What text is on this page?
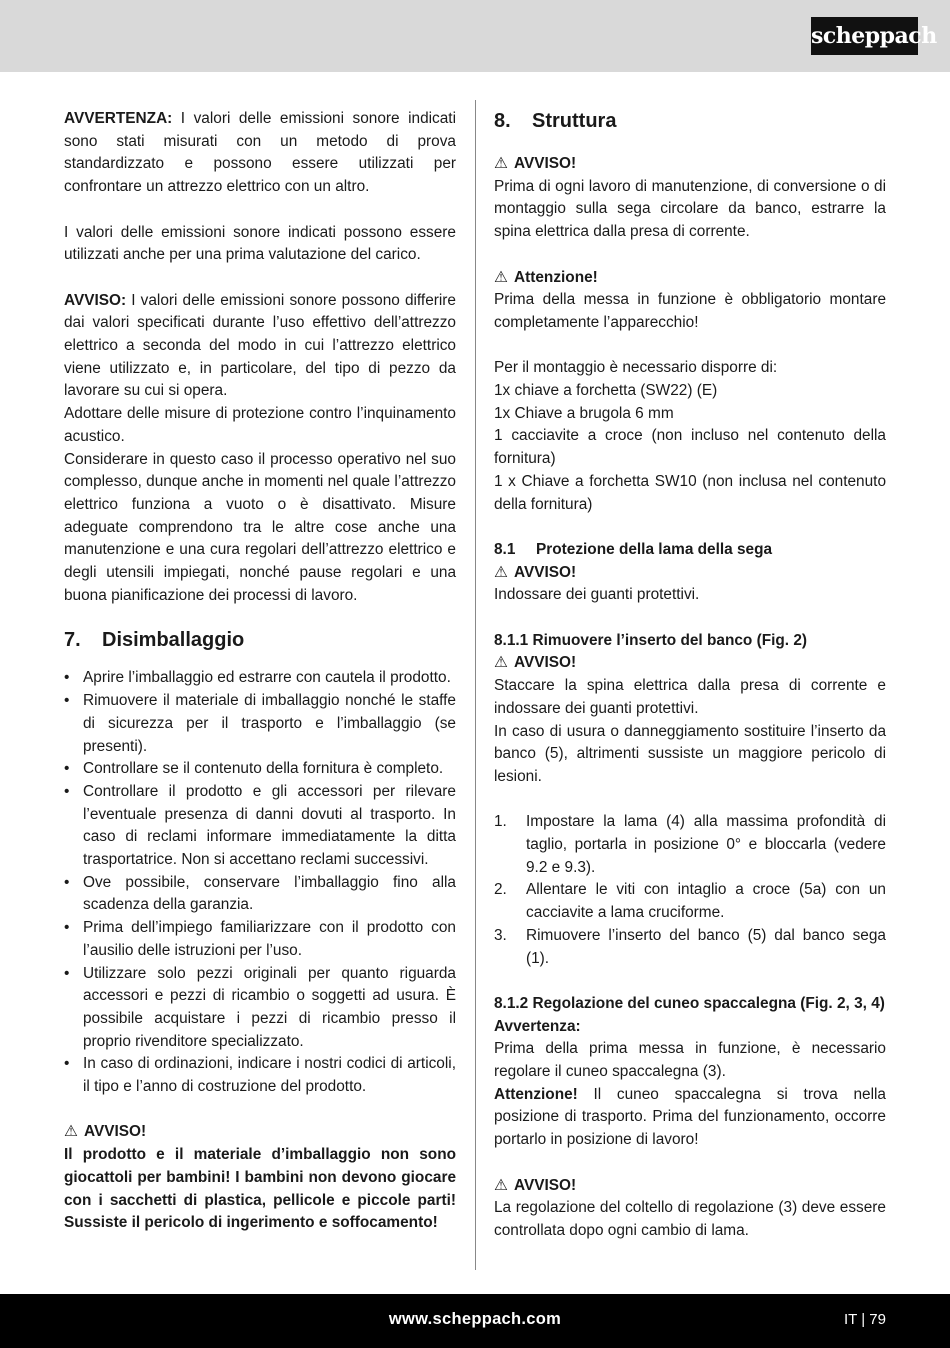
scheppach

AVVERTENZA: I valori delle emissioni sonore indicati sono stati misurati con un metodo di prova standardizzato e possono essere utilizzati per confrontare un attrezzo elettrico con un altro.

I valori delle emissioni sonore indicati possono essere utilizzati anche per una prima valutazione del carico.

AVVISO: I valori delle emissioni sonore possono differire dai valori specificati durante l’uso effettivo dell’attrezzo elettrico a seconda del modo in cui l’attrezzo elettrico viene utilizzato e, in particolare, del tipo di pezzo da lavorare su cui si opera.

Adottare delle misure di protezione contro l’inquinamento acustico.

Considerare in questo caso il processo operativo nel suo complesso, dunque anche in momenti nel quale l’attrezzo elettrico funziona a vuoto o è disattivato. Misure adeguate comprendono tra le altre cose anche una manutenzione e una cura regolari dell’attrezzo elettrico e degli utensili impiegati, nonché pause regolari e una buona pianificazione dei processi di lavoro.

7.	Disimballaggio
• Aprire l’imballaggio ed estrarre con cautela il prodotto.
• Rimuovere il materiale di imballaggio nonché le staffe di sicurezza per il trasporto e l’imballaggio (se presenti).
• Controllare se il contenuto della fornitura è completo.
• Controllare il prodotto e gli accessori per rilevare l’eventuale presenza di danni dovuti al trasporto. In caso di reclami informare immediatamente la ditta trasportatrice. Non si accettano reclami successivi.
• Ove possibile, conservare l’imballaggio fino alla scadenza della garanzia.
• Prima dell’impiego familiarizzare con il prodotto con l’ausilio delle istruzioni per l’uso.
• Utilizzare solo pezzi originali per quanto riguarda accessori e pezzi di ricambio o soggetti ad usura. È possibile acquistare i pezzi di ricambio presso il proprio rivenditore specializzato.
• In caso di ordinazioni, indicare i nostri codici di articoli, il tipo e l’anno di costruzione del prodotto.

⚠ AVVISO!

Il prodotto e il materiale d’imballaggio non sono giocattoli per bambini! I bambini non devono giocare con i sacchetti di plastica, pellicole e piccole parti! Sussiste il pericolo di ingerimento e soffocamento!

8.	Struttura

⚠ AVVISO!

Prima di ogni lavoro di manutenzione, di conversione o di montaggio sulla sega circolare da banco, estrarre la spina elettrica dalla presa di corrente.

⚠ Attenzione!

Prima della messa in funzione è obbligatorio montare completamente l’apparecchio!

Per il montaggio è necessario disporre di:

1x chiave a forchetta (SW22) (E)

1x Chiave a brugola 6 mm

1 cacciavite a croce (non incluso nel contenuto della fornitura)

1 x Chiave a forchetta SW10 (non inclusa nel contenuto della fornitura)

8.1	Protezione della lama della sega

⚠ AVVISO!

Indossare dei guanti protettivi.

8.1.1 Rimuovere l’inserto del banco (Fig. 2)

⚠ AVVISO!

Staccare la spina elettrica dalla presa di corrente e indossare dei guanti protettivi.

In caso di usura o danneggiamento sostituire l’inserto da banco (5), altrimenti sussiste un maggiore pericolo di lesioni.

1. Impostare la lama (4) alla massima profondità di taglio, portarla in posizione 0° e bloccarla (vedere 9.2 e 9.3).
2. Allentare le viti con intaglio a croce (5a) con un cacciavite a lama cruciforme.
3. Rimuovere l’inserto del banco (5) dal banco sega (1).

8.1.2 Regolazione del cuneo spaccalegna (Fig. 2, 3, 4)

Avvertenza:

Prima della prima messa in funzione, è necessario regolare il cuneo spaccalegna (3).

Attenzione! Il cuneo spaccalegna si trova nella posizione di trasporto. Prima del funzionamento, occorre portarlo in posizione di lavoro!

⚠ AVVISO!

La regolazione del coltello di regolazione (3) deve essere controllata dopo ogni cambio di lama.

www.scheppach.com	IT | 79
